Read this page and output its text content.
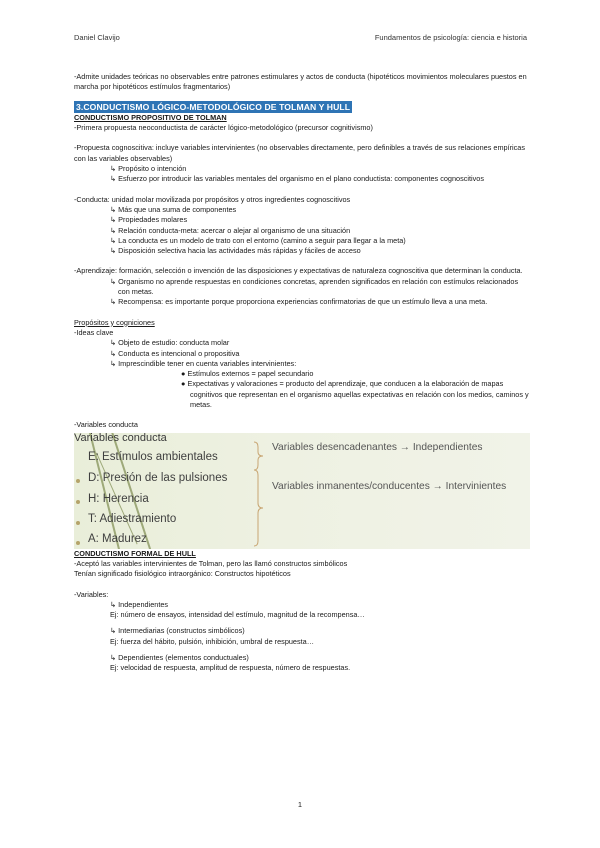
Daniel Clavijo	Fundamentos de psicología: ciencia e historia

-Admite unidades teóricas no observables entre patrones estimulares y actos de conducta (hipotéticos movimientos moleculares puestos en marcha por hipotéticos estímulos fragmentarios)

3.CONDUCTISMO LÓGICO-METODOLÓGICO DE TOLMAN Y HULL

CONDUCTISMO PROPOSITIVO DE TOLMAN

-Primera propuesta neoconductista de carácter lógico-metodológico (precursor cognitivismo)

-Propuesta cognoscitiva: incluye variables intervinientes (no observables directamente, pero definibles a través de sus relaciones empíricas con las variables observables)

↳ Propósito o intención

↳ Esfuerzo por introducir las variables mentales del organismo en el plano conductista: componentes cognoscitivos

-Conducta: unidad molar movilizada por propósitos y otros ingredientes cognoscitivos

↳ Más que una suma de componentes

↳ Propiedades molares

↳ Relación conducta-meta: acercar o alejar al organismo de una situación

↳ La conducta es un modelo de trato con el entorno (camino a seguir para llegar a la meta)

↳ Disposición selectiva hacia las actividades más rápidas y fáciles de acceso

-Aprendizaje: formación, selección o invención de las disposiciones y expectativas de naturaleza cognoscitiva que determinan la conducta.

↳ Organismo no aprende respuestas en condiciones concretas, aprenden significados en relación con estímulos relacionados con metas.

↳ Recompensa: es importante porque proporciona experiencias confirmatorias de que un estímulo lleva a una meta.

Propósitos y cogniciones

-Ideas clave

↳ Objeto de estudio: conducta molar

↳ Conducta es intencional o propositiva

↳ Imprescindible tener en cuenta variables intervinientes:

● Estímulos externos = papel secundario

● Expectativas y valoraciones = producto del aprendizaje, que conducen a la elaboración de mapas cognitivos que representan en el organismo aquellas expectativas en relación con los medios, caminos y metas.

-Variables conducta

Variables conducta
E: Estímulos ambientales
D: Presión de las pulsiones
H: Herencia
T: Adiestramiento
A: Madurez
Variables desencadenantes → Independientes
Variables inmanentes/conducentes → Intervinientes

CONDUCTISMO FORMAL DE HULL

-Aceptó las variables intervinientes de Tolman, pero las llamó constructos simbólicos

Tenían significado fisiológico intraorgánico: Constructos hipotéticos

-Variables:

↳ Independientes

Ej: número de ensayos, intensidad del estímulo, magnitud de la recompensa…

↳ Intermediarias (constructos simbólicos)

Ej: fuerza del hábito, pulsión, inhibición, umbral de respuesta…

↳ Dependientes (elementos conductuales)

Ej: velocidad de respuesta, amplitud de respuesta, número de respuestas.

1
